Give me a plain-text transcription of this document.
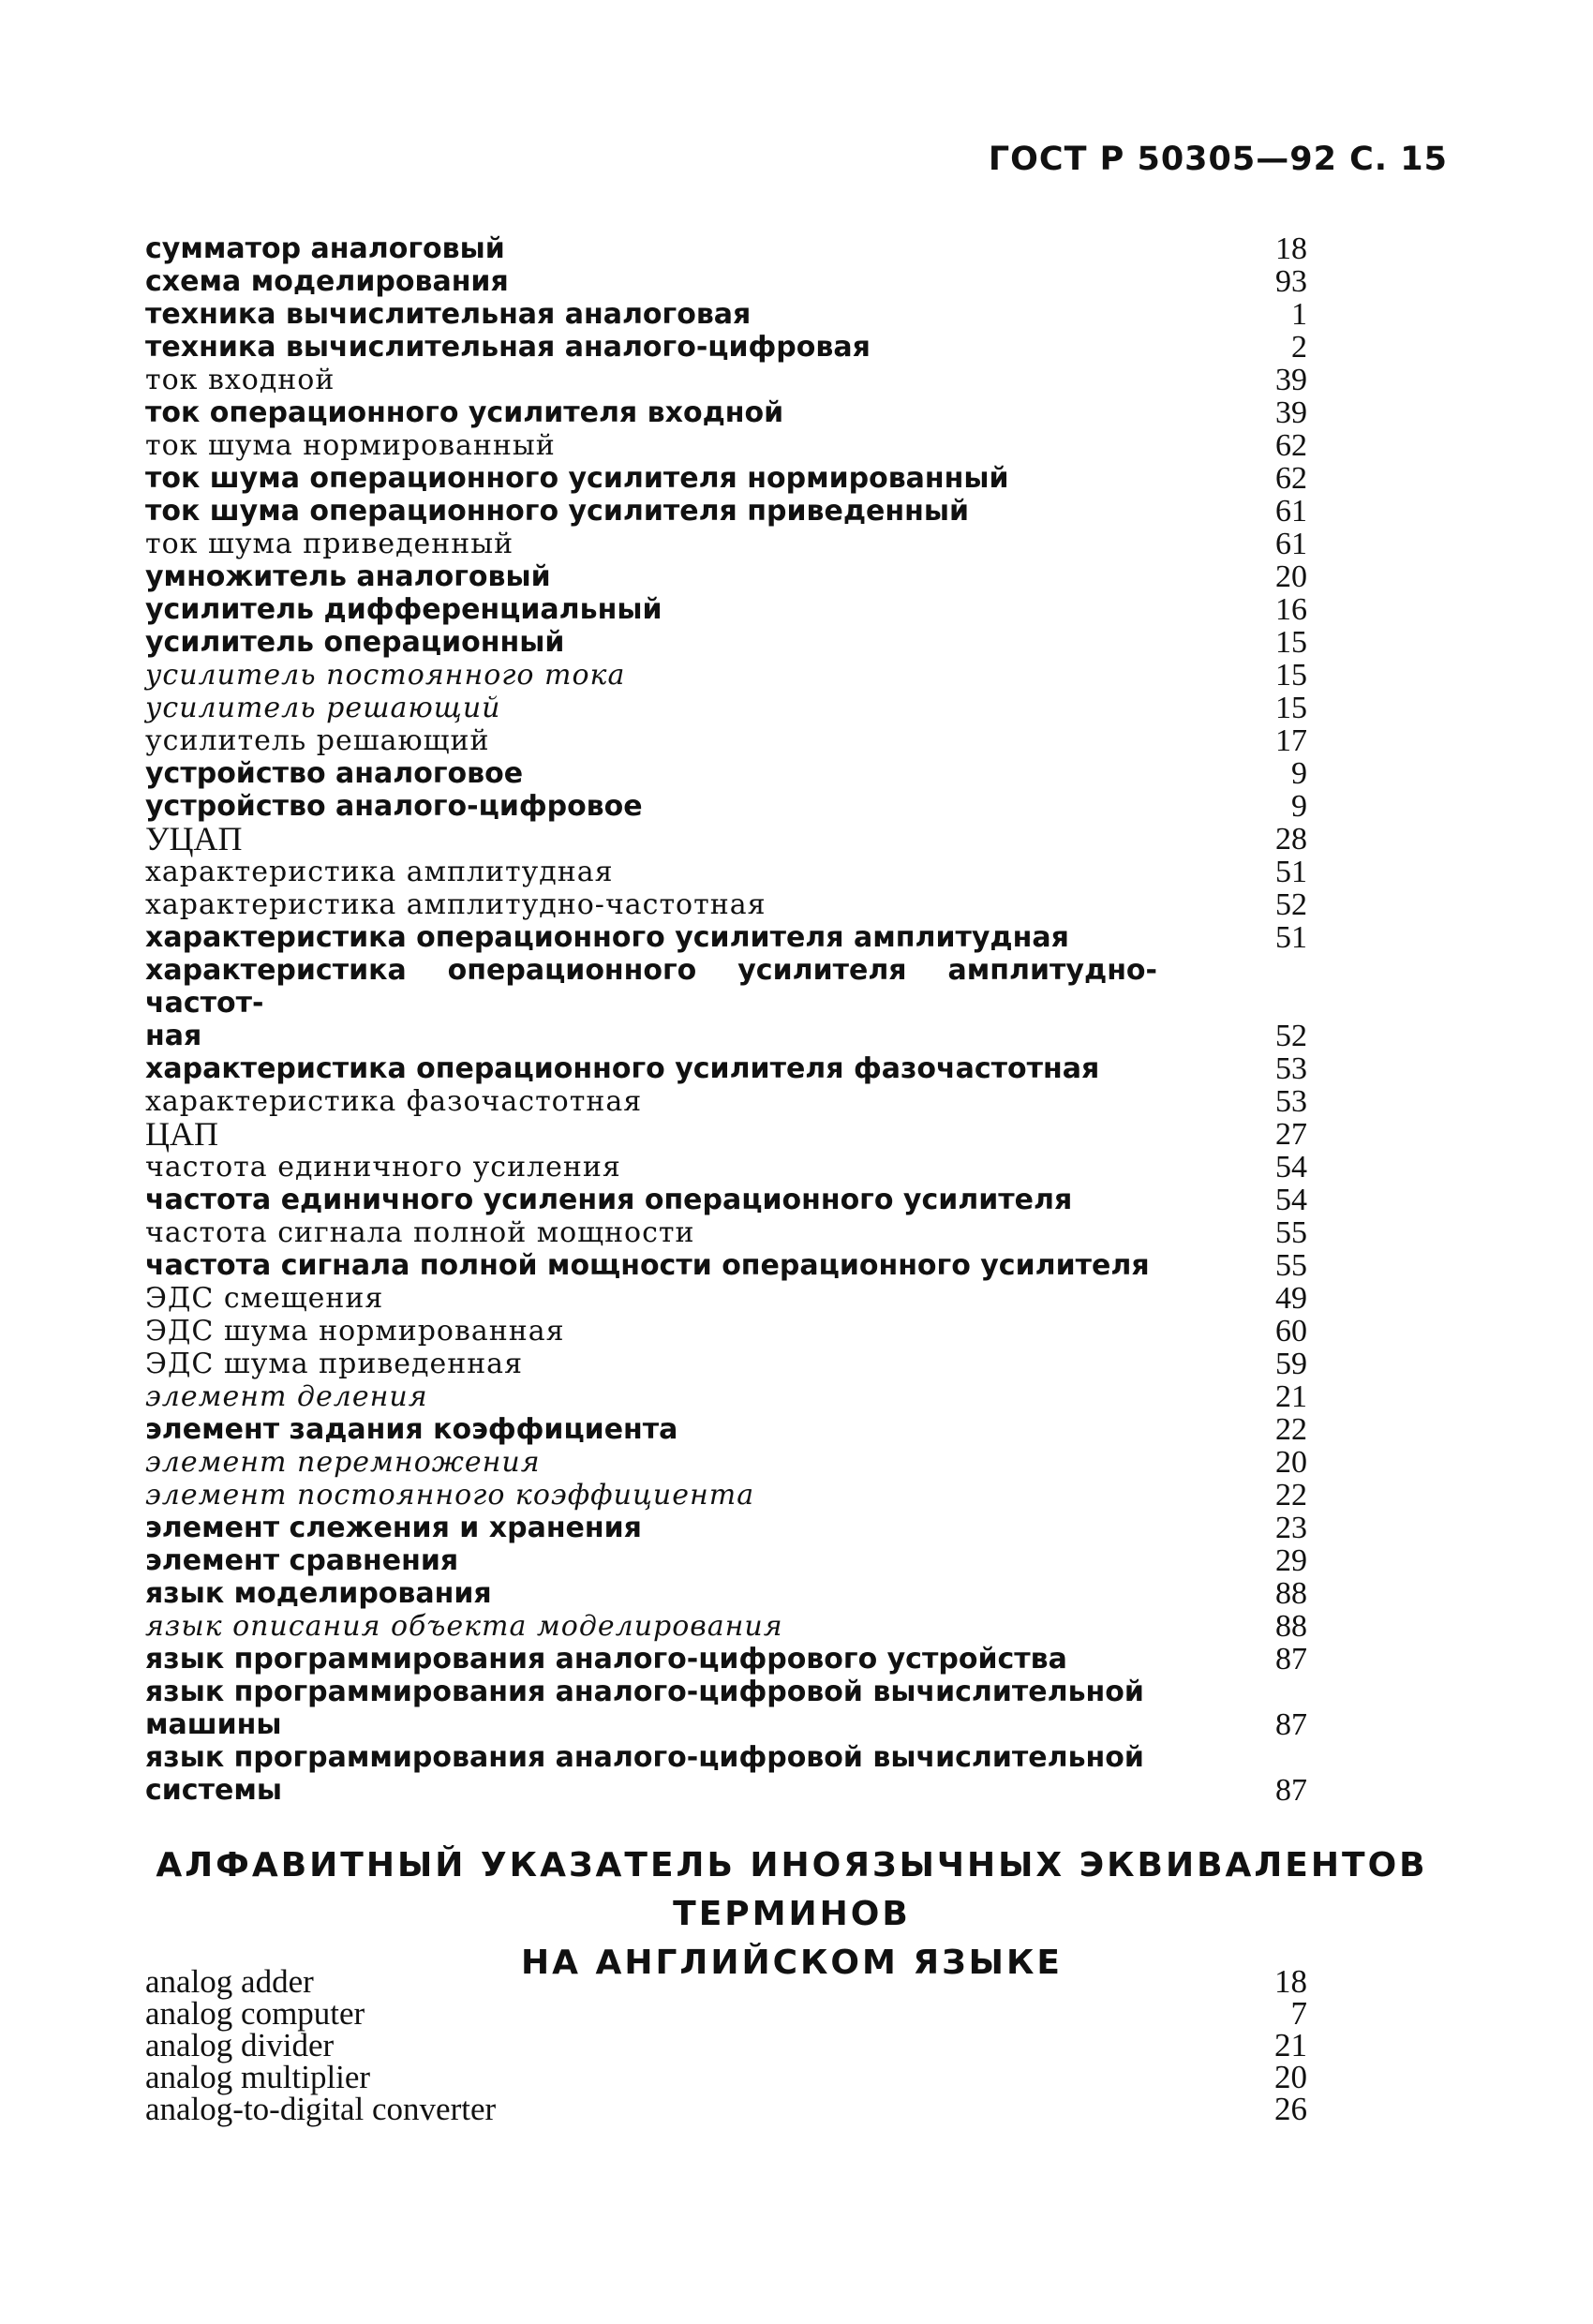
ГОСТ Р 50305—92 С. 15
сумматор аналоговый	18
схема моделирования	93
техника вычислительная аналоговая	1
техника вычислительная аналого-цифровая	2
ток входной	39
ток операционного усилителя входной	39
ток шума нормированный	62
ток шума операционного усилителя нормированный	62
ток шума операционного усилителя приведенный	61
ток шума приведенный	61
умножитель аналоговый	20
усилитель дифференциальный	16
усилитель операционный	15
усилитель постоянного тока	15
усилитель решающий	15
усилитель решающий	17
устройство аналоговое	9
устройство аналого-цифровое	9
УЦАП	28
характеристика амплитудная	51
характеристика амплитудно-частотная	52
характеристика операционного усилителя амплитудная	51
характеристика операционного усилителя амплитудно-частот-
ная	52
характеристика операционного усилителя фазочастотная	53
характеристика фазочастотная	53
ЦАП	27
частота единичного усиления	54
частота единичного усиления операционного усилителя	54
частота сигнала полной мощности	55
частота сигнала полной мощности операционного усилителя	55
ЭДС смещения	49
ЭДС шума нормированная	60
ЭДС шума приведенная	59
элемент деления	21
элемент задания коэффициента	22
элемент перемножения	20
элемент постоянного коэффициента	22
элемент слежения и хранения	23
элемент сравнения	29
язык моделирования	88
язык описания объекта моделирования	88
язык программирования аналого-цифрового устройства	87
язык программирования аналого-цифровой вычислительной
машины	87
язык программирования аналого-цифровой вычислительной
системы	87
АЛФАВИТНЫЙ УКАЗАТЕЛЬ ИНОЯЗЫЧНЫХ ЭКВИВАЛЕНТОВ ТЕРМИНОВ
НА АНГЛИЙСКОМ ЯЗЫКЕ
analog adder	18
analog computer	7
analog divider	21
analog multiplier	20
analog-to-digital converter	26
